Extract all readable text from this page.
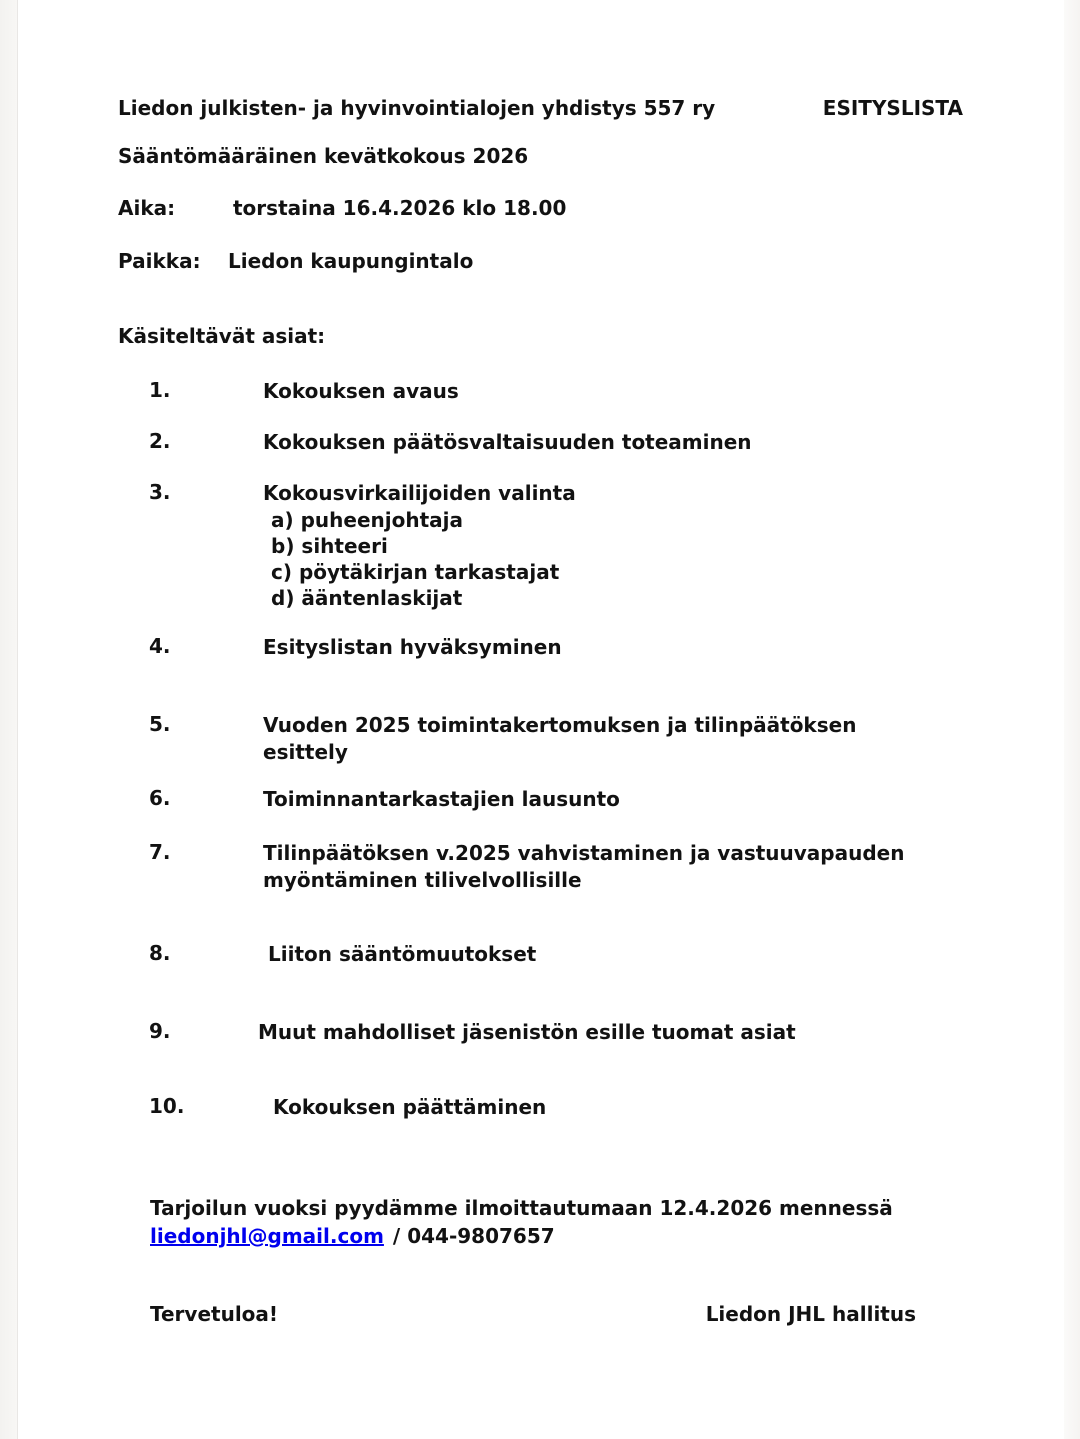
Liedon julkisten- ja hyvinvointialojen yhdistys 557 ry	ESITYSLISTA
Sääntömääräinen kevätkokous 2026
Aika:	torstaina 16.4.2026 klo 18.00
Paikka:	Liedon kaupungintalo
Käsiteltävät asiat:
1.	Kokouksen avaus
2.	Kokouksen päätösvaltaisuuden toteaminen
3.	Kokousvirkailijoiden valinta
a) puheenjohtaja
b) sihteeri
c) pöytäkirjan tarkastajat
d) ääntenlaskijat
4.	Esityslistan hyväksyminen
5.	Vuoden 2025 toimintakertomuksen ja tilinpäätöksen esittely
6.	Toiminnantarkastajien lausunto
7.	Tilinpäätöksen v.2025 vahvistaminen ja vastuuvapauden myöntäminen tilivelvollisille
8.	Liiton sääntömuutokset
9.	Muut mahdolliset jäsenistön esille tuomat asiat
10.	Kokouksen päättäminen
Tarjoilun vuoksi pyydämme ilmoittautumaan 12.4.2026 mennessä
liedonjhl@gmail.com / 044-9807657
Tervetuloa!	Liedon JHL hallitus
